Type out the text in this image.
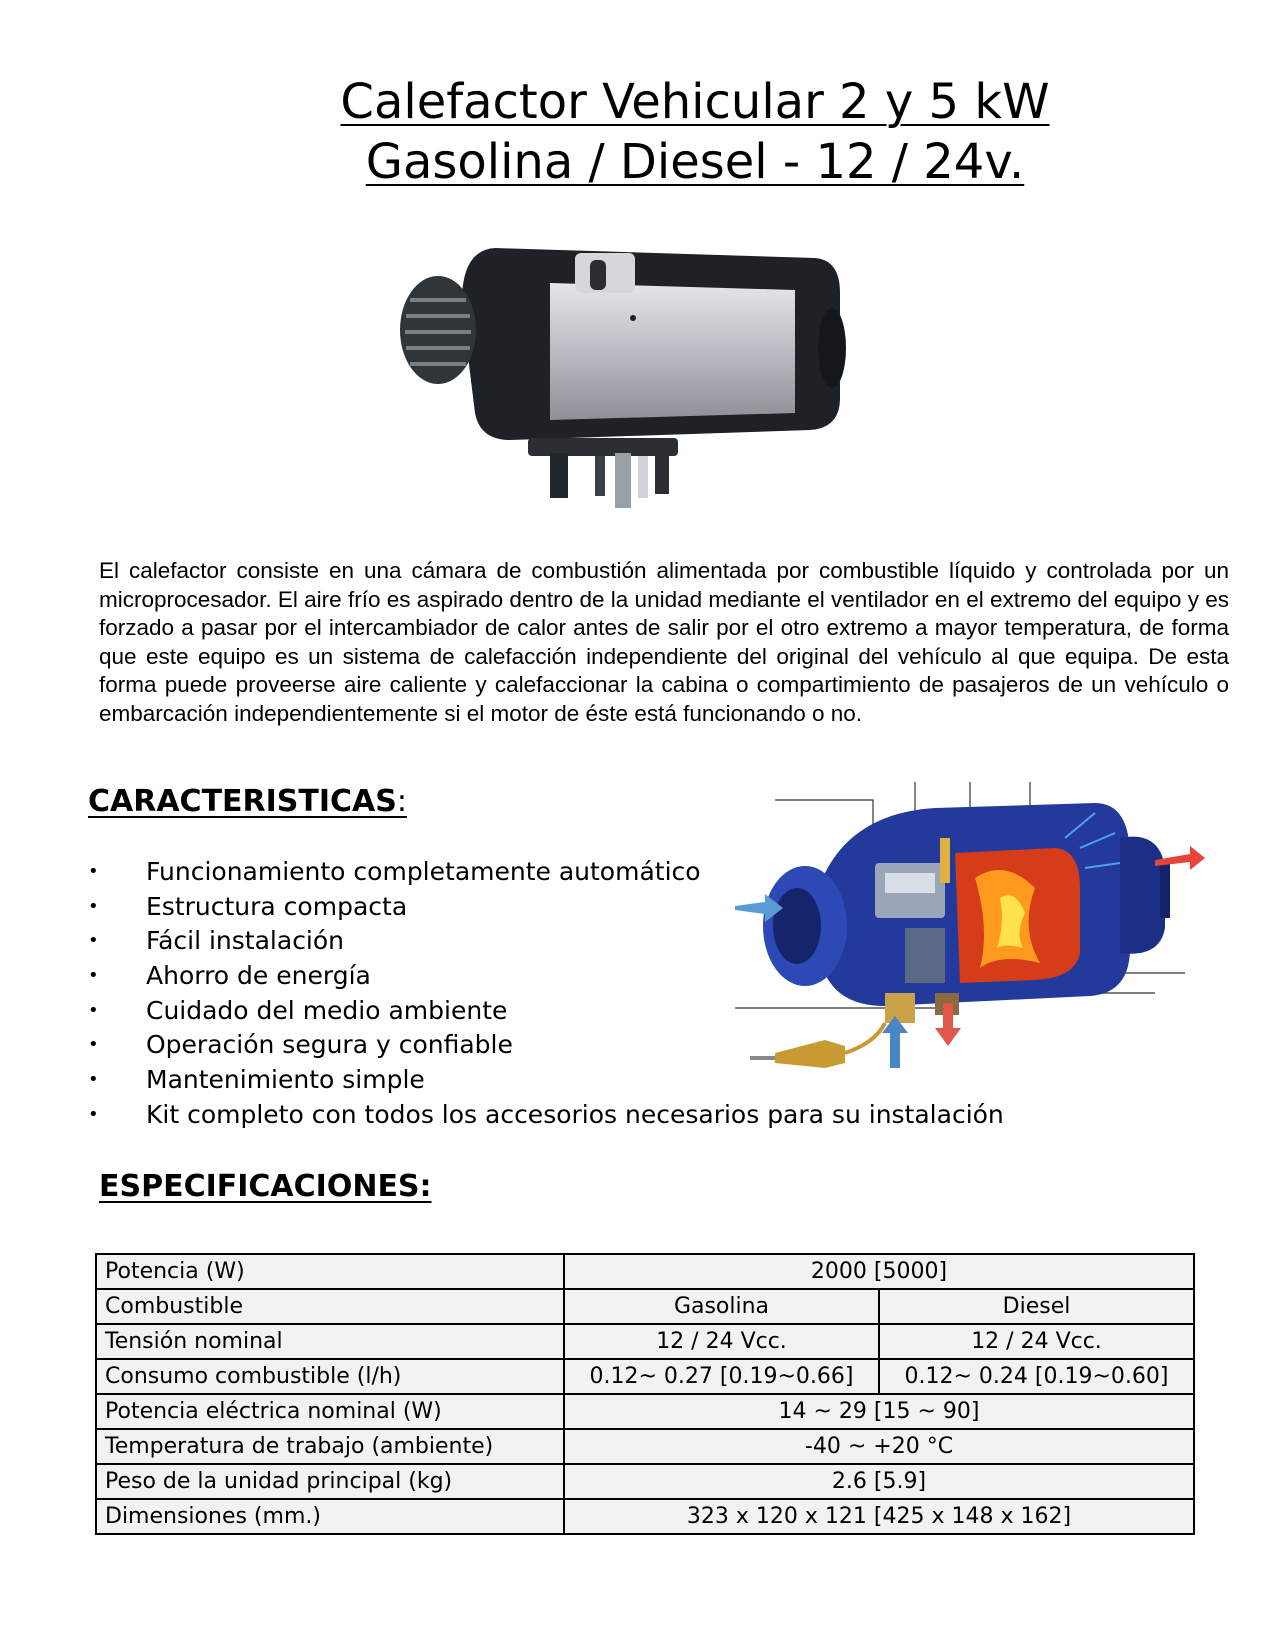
Calefactor Vehicular 2 y 5 kW
Gasolina / Diesel - 12 / 24v.

El calefactor consiste en una cámara de combustión alimentada por combustible líquido y controlada por un microprocesador. El aire frío es aspirado dentro de la unidad mediante el ventilador en el extremo del equipo y es forzado a pasar por el intercambiador de calor antes de salir por el otro extremo a mayor temperatura, de forma que este equipo es un sistema de calefacción independiente del original del vehículo al que equipa. De esta forma puede proveerse aire caliente y calefaccionar la cabina o compartimiento de pasajeros de un vehículo o embarcación independientemente si el motor de éste está funcionando o no.

CARACTERISTICAS:
• Funcionamiento completamente automático
• Estructura compacta
• Fácil instalación
• Ahorro de energía
• Cuidado del medio ambiente
• Operación segura y confiable
• Mantenimiento simple
• Kit completo con todos los accesorios necesarios para su instalación
ESPECIFICACIONES:
Potencia (W)	2000 [5000]	
Combustible	Gasolina	Diesel
Tensión nominal	12 / 24 Vcc.	12 / 24 Vcc.
Consumo combustible (l/h)	0.12~ 0.27 [0.19~0.66]	0.12~ 0.24 [0.19~0.60]
Potencia eléctrica nominal (W)	14 ~ 29 [15 ~ 90]	
Temperatura de trabajo (ambiente)	-40 ~ +20 °C	
Peso de la unidad principal (kg)	2.6 [5.9]	
Dimensiones (mm.)	323 x 120 x 121 [425 x 148 x 162]	
